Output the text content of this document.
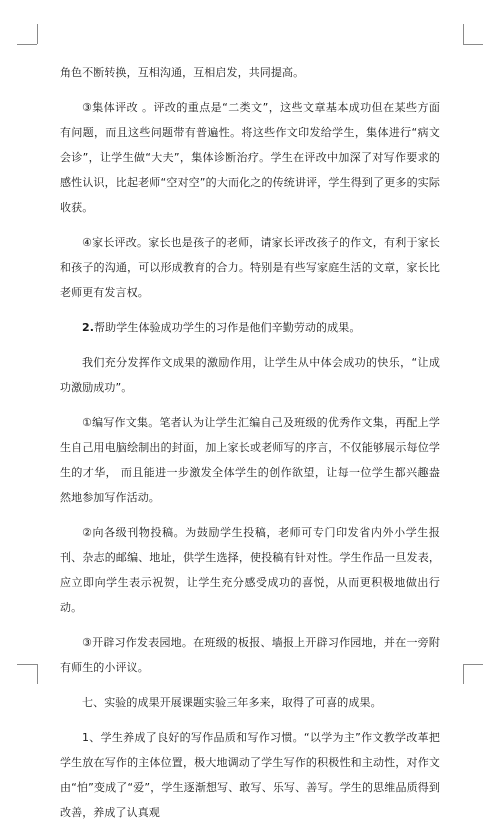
角色不断转换，互相沟通，互相启发，共同提高。

③集体评改 。评改的重点是“二类文”，这些文章基本成功但在某些方面有问题，而且这些问题带有普遍性。将这些作文印发给学生，集体进行“病文会诊”，让学生做“大夫”，集体诊断治疗。学生在评改中加深了对写作要求的感性认识，比起老师“空对空”的大而化之的传统讲评，学生得到了更多的实际收获。

④家长评改。家长也是孩子的老师，请家长评改孩子的作文，有利于家长和孩子的沟通，可以形成教育的合力。特别是有些写家庭生活的文章，家长比老师更有发言权。

2.帮助学生体验成功学生的习作是他们辛勤劳动的成果。

我们充分发挥作文成果的激励作用，让学生从中体会成功的快乐，“让成功激励成功”。

①编写作文集。笔者认为让学生汇编自己及班级的优秀作文集，再配上学生自己用电脑绘制出的封面，加上家长或老师写的序言，不仅能够展示每位学生的才华， 而且能进一步激发全体学生的创作欲望，让每一位学生都兴趣盎然地参加写作活动。

②向各级刊物投稿。为鼓励学生投稿，老师可专门印发省内外小学生报刊、杂志的邮编、地址，供学生选择，使投稿有针对性。学生作品一旦发表，应立即向学生表示祝贺，让学生充分感受成功的喜悦，从而更积极地做出行动。

③开辟习作发表园地。在班级的板报、墙报上开辟习作园地，并在一旁附有师生的小评议。

七、实验的成果开展课题实验三年多来，取得了可喜的成果。

1、学生养成了良好的写作品质和写作习惯。“以学为主”作文教学改革把学生放在写作的主体位置，极大地调动了学生写作的积极性和主动性，对作文由“怕”变成了“爱”，学生逐渐想写、敢写、乐写、善写。学生的思维品质得到改善，养成了认真观
